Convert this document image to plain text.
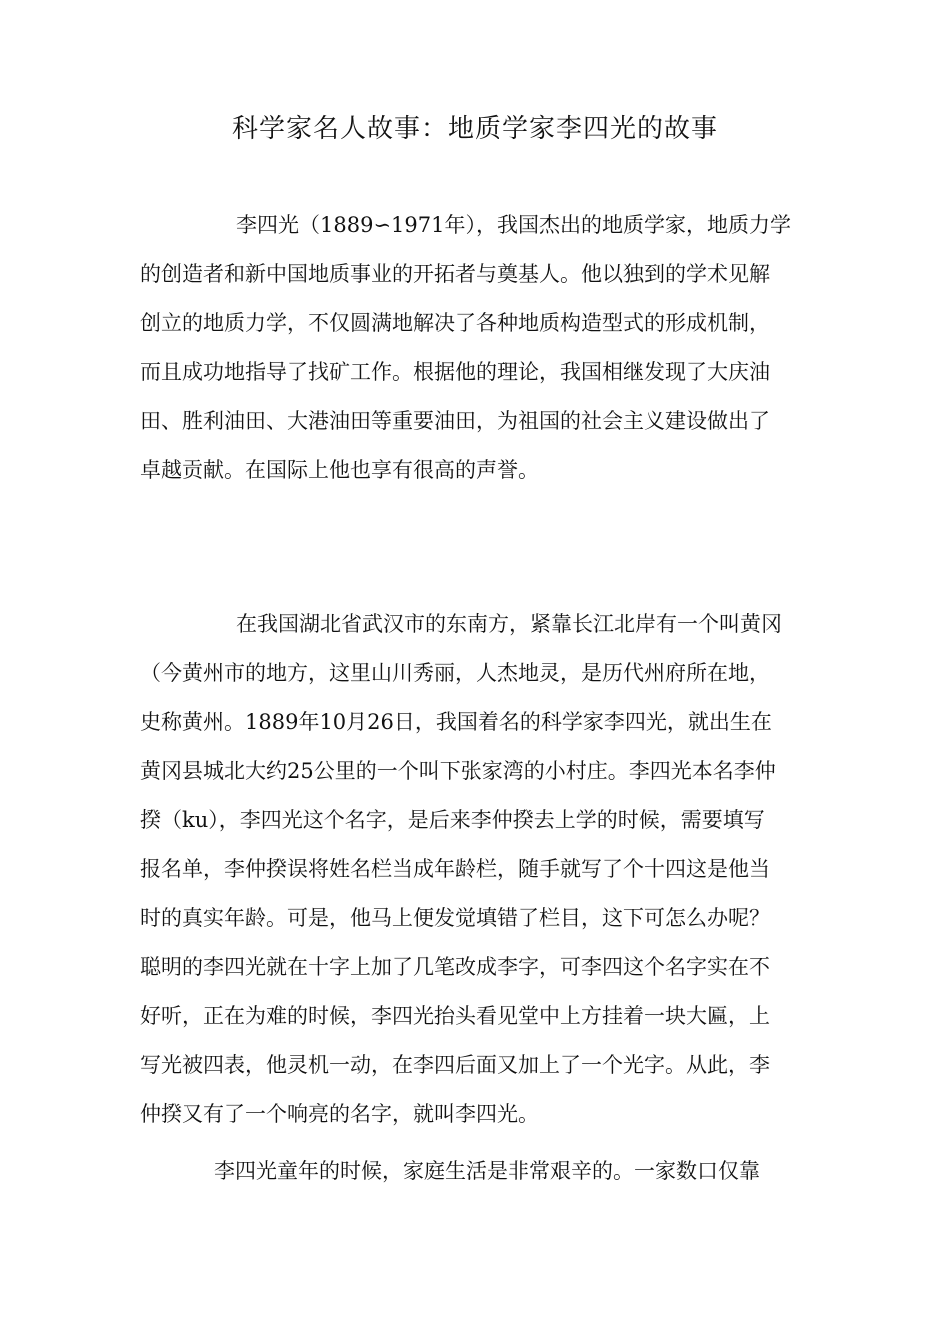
科学家名人故事：地质学家李四光的故事
李四光（1889∽1971年），我国杰出的地质学家，地质力学
的创造者和新中国地质事业的开拓者与奠基人。他以独到的学术见解
创立的地质力学，不仅圆满地解决了各种地质构造型式的形成机制，
而且成功地指导了找矿工作。根据他的理论，我国相继发现了大庆油
田、胜利油田、大港油田等重要油田，为祖国的社会主义建设做出了
卓越贡献。在国际上他也享有很高的声誉。
在我国湖北省武汉市的东南方，紧靠长江北岸有一个叫黄冈
（今黄州市的地方，这里山川秀丽，人杰地灵，是历代州府所在地，
史称黄州。1889年10月26日，我国着名的科学家李四光，就出生在
黄冈县城北大约25公里的一个叫下张家湾的小村庄。李四光本名李仲
揆（ku），李四光这个名字，是后来李仲揆去上学的时候，需要填写
报名单，李仲揆误将姓名栏当成年龄栏，随手就写了个十四这是他当
时的真实年龄。可是，他马上便发觉填错了栏目，这下可怎么办呢？
聪明的李四光就在十字上加了几笔改成李字，可李四这个名字实在不
好听，正在为难的时候，李四光抬头看见堂中上方挂着一块大匾，上
写光被四表，他灵机一动，在李四后面又加上了一个光字。从此，李
仲揆又有了一个响亮的名字，就叫李四光。
李四光童年的时候，家庭生活是非常艰辛的。一家数口仅靠
